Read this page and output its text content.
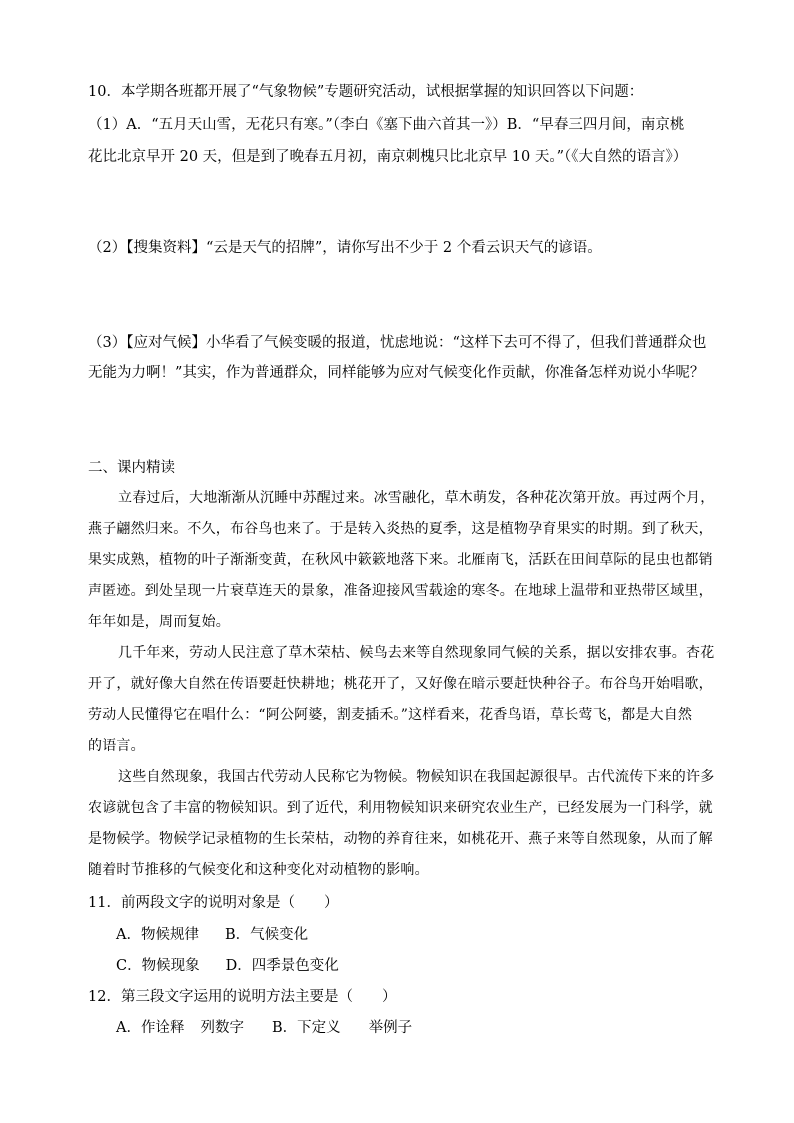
10．本学期各班都开展了“气象物候”专题研究活动，试根据掌握的知识回答以下问题：
（1）A．“五月天山雪，无花只有寒。”（李白《塞下曲六首其一》）B．“早春三四月间，南京桃
花比北京早开 20 天，但是到了晚春五月初，南京刺槐只比北京早 10 天。”（《大自然的语言》）
（2）【搜集资料】“云是天气的招牌”，请你写出不少于 2 个看云识天气的谚语。
（3）【应对气候】小华看了气候变暖的报道，忧虑地说：“这样下去可不得了，但我们普通群众也
无能为力啊！”其实，作为普通群众，同样能够为应对气候变化作贡献，你准备怎样劝说小华呢？
二、课内精读
立春过后，大地渐渐从沉睡中苏醒过来。冰雪融化，草木萌发，各种花次第开放。再过两个月，
燕子翩然归来。不久，布谷鸟也来了。于是转入炎热的夏季，这是植物孕育果实的时期。到了秋天，
果实成熟，植物的叶子渐渐变黄，在秋风中簌簌地落下来。北雁南飞，活跃在田间草际的昆虫也都销
声匿迹。到处呈现一片衰草连天的景象，准备迎接风雪载途的寒冬。在地球上温带和亚热带区域里，
年年如是，周而复始。
几千年来，劳动人民注意了草木荣枯、候鸟去来等自然现象同气候的关系，据以安排农事。杏花
开了，就好像大自然在传语要赶快耕地；桃花开了，又好像在暗示要赶快种谷子。布谷鸟开始唱歌，
劳动人民懂得它在唱什么：“阿公阿婆，割麦插禾。”这样看来，花香鸟语，草长莺飞，都是大自然
的语言。
这些自然现象，我国古代劳动人民称它为物候。物候知识在我国起源很早。古代流传下来的许多
农谚就包含了丰富的物候知识。到了近代，利用物候知识来研究农业生产，已经发展为一门科学，就
是物候学。物候学记录植物的生长荣枯，动物的养育往来，如桃花开、燕子来等自然现象，从而了解
随着时节推移的气候变化和这种变化对动植物的影响。
11．前两段文字的说明对象是（　　）
A．物候规律 B．气候变化
C．物候现象 D．四季景色变化
12．第三段文字运用的说明方法主要是（　　）
A．作诠释 列数字 B．下定义 举例子
